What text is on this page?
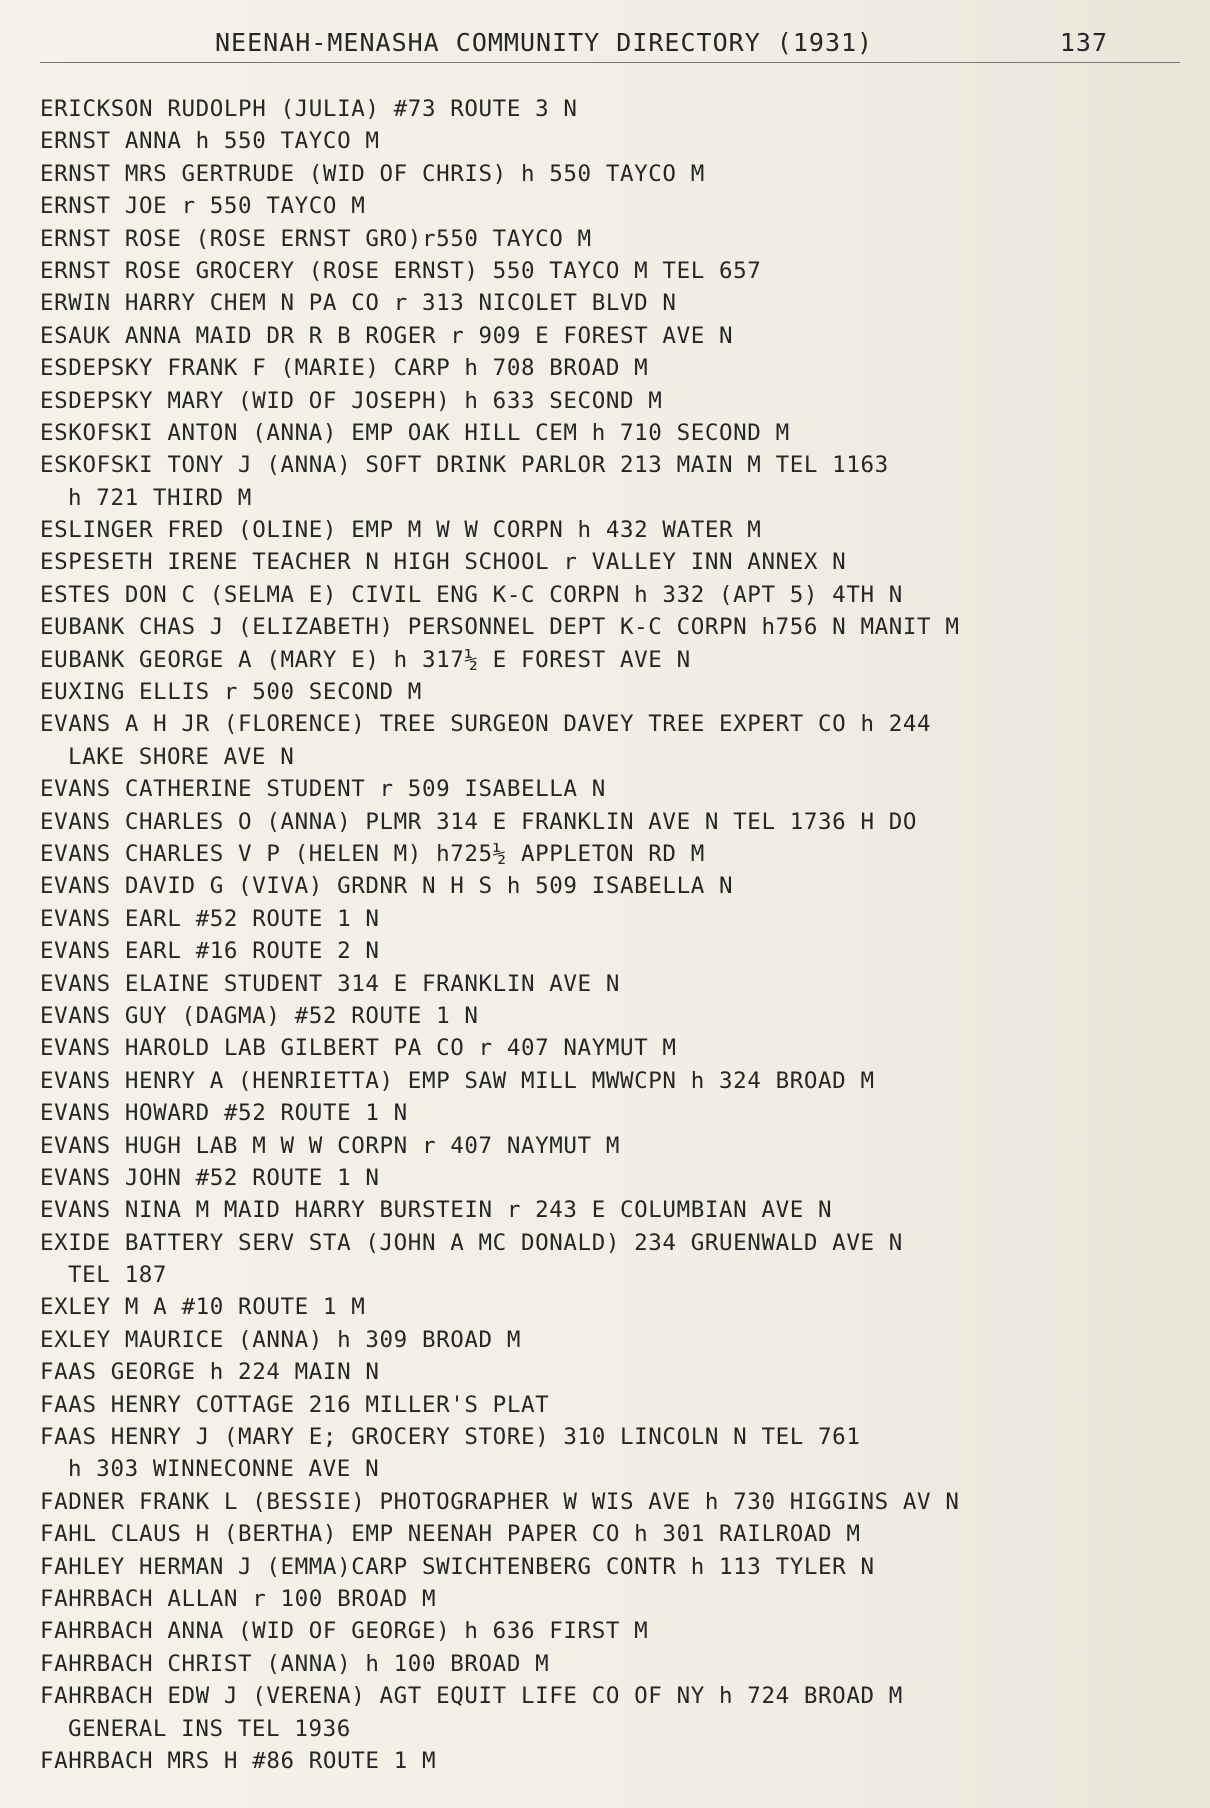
NEENAH-MENASHA COMMUNITY DIRECTORY (1931)	137
ERICKSON RUDOLPH (JULIA) #73 ROUTE 3 N
ERNST ANNA h 550 TAYCO M
ERNST MRS GERTRUDE (WID OF CHRIS) h 550 TAYCO M
ERNST JOE r 550 TAYCO M
ERNST ROSE (ROSE ERNST GRO)r550 TAYCO M
ERNST ROSE GROCERY (ROSE ERNST) 550 TAYCO M TEL 657
ERWIN HARRY CHEM N PA CO r 313 NICOLET BLVD N
ESAUK ANNA MAID DR R B ROGER r 909 E FOREST AVE N
ESDEPSKY FRANK F (MARIE) CARP h 708 BROAD M
ESDEPSKY MARY (WID OF JOSEPH) h 633 SECOND M
ESKOFSKI ANTON (ANNA) EMP OAK HILL CEM h 710 SECOND M
ESKOFSKI TONY J (ANNA) SOFT DRINK PARLOR 213 MAIN M TEL 1163
h 721 THIRD M
ESLINGER FRED (OLINE) EMP M W W CORPN h 432 WATER M
ESPESETH IRENE TEACHER N HIGH SCHOOL r VALLEY INN ANNEX N
ESTES DON C (SELMA E) CIVIL ENG K-C CORPN h 332 (APT 5) 4TH N
EUBANK CHAS J (ELIZABETH) PERSONNEL DEPT K-C CORPN h756 N MANIT M
EUBANK GEORGE A (MARY E) h 317½ E FOREST AVE N
EUXING ELLIS r 500 SECOND M
EVANS A H JR (FLORENCE) TREE SURGEON DAVEY TREE EXPERT CO h 244
LAKE SHORE AVE N
EVANS CATHERINE STUDENT r 509 ISABELLA N
EVANS CHARLES O (ANNA) PLMR 314 E FRANKLIN AVE N TEL 1736 H DO
EVANS CHARLES V P (HELEN M) h725½ APPLETON RD M
EVANS DAVID G (VIVA) GRDNR N H S h 509 ISABELLA N
EVANS EARL #52 ROUTE 1 N
EVANS EARL #16 ROUTE 2 N
EVANS ELAINE STUDENT 314 E FRANKLIN AVE N
EVANS GUY (DAGMA) #52 ROUTE 1 N
EVANS HAROLD LAB GILBERT PA CO r 407 NAYMUT M
EVANS HENRY A (HENRIETTA) EMP SAW MILL MWWCPN h 324 BROAD M
EVANS HOWARD #52 ROUTE 1 N
EVANS HUGH LAB M W W CORPN r 407 NAYMUT M
EVANS JOHN #52 ROUTE 1 N
EVANS NINA M MAID HARRY BURSTEIN r 243 E COLUMBIAN AVE N
EXIDE BATTERY SERV STA (JOHN A MC DONALD) 234 GRUENWALD AVE N
TEL 187
EXLEY M A #10 ROUTE 1 M
EXLEY MAURICE (ANNA) h 309 BROAD M
FAAS GEORGE h 224 MAIN N
FAAS HENRY COTTAGE 216 MILLER'S PLAT
FAAS HENRY J (MARY E; GROCERY STORE) 310 LINCOLN N TEL 761
h 303 WINNECONNE AVE N
FADNER FRANK L (BESSIE) PHOTOGRAPHER W WIS AVE h 730 HIGGINS AV N
FAHL CLAUS H (BERTHA) EMP NEENAH PAPER CO h 301 RAILROAD M
FAHLEY HERMAN J (EMMA)CARP SWICHTENBERG CONTR h 113 TYLER N
FAHRBACH ALLAN r 100 BROAD M
FAHRBACH ANNA (WID OF GEORGE) h 636 FIRST M
FAHRBACH CHRIST (ANNA) h 100 BROAD M
FAHRBACH EDW J (VERENA) AGT EQUIT LIFE CO OF NY h 724 BROAD M
GENERAL INS TEL 1936
FAHRBACH MRS H #86 ROUTE 1 M
